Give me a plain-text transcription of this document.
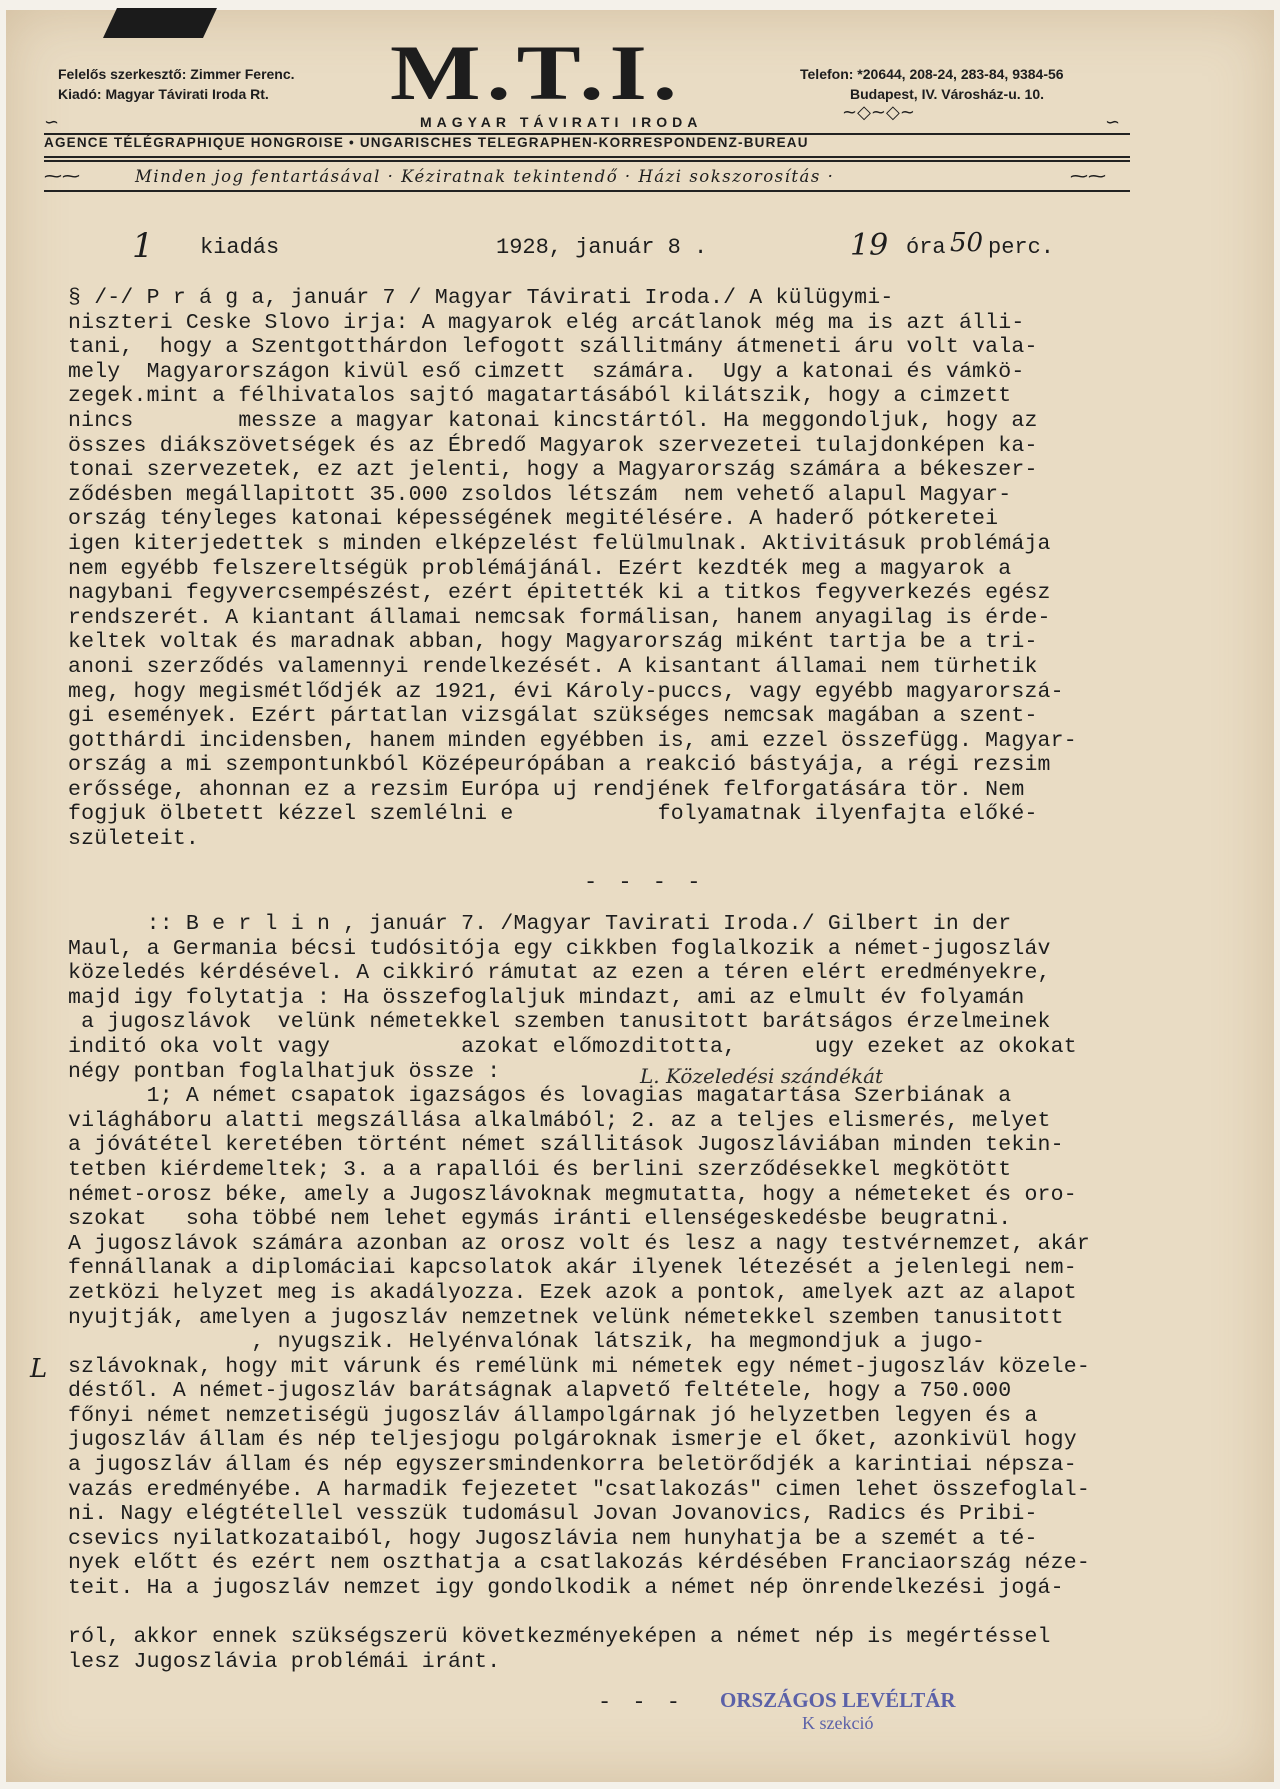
Felelős szerkesztő: Zimmer Ferenc.
Kiadó: Magyar Távirati Iroda Rt. M.T.I.	Telefon: *20644, 208-24, 283-84, 9384-56
Budapest, IV. Városház-u. 10.
~◇~◇~
∽	∽
MAGYAR TÁVIRATI IRODA
AGENCE TÉLÉGRAPHIQUE HONGROISE • UNGARISCHES TELEGRAPHEN-KORRESPONDENZ-BUREAU
⁓⁓	Minden jog fentartásával · Kéziratnak tekintendő · Házi sokszorosítás ·	⁓⁓
1 kiadás	1928, január 8 .	19 óra 50 perc.
§ /-/ P r á g a, január 7 / Magyar Távirati Iroda./ A külügymi-
niszteri Ceske Slovo irja: A magyarok elég arcátlanok még ma is azt álli-
tani,  hogy a Szentgotthárdon lefogott szállitmány átmeneti áru volt vala-
mely  Magyarországon kivül eső cimzett  számára.  Ugy a katonai és vámkö-
zegek.mint a félhivatalos sajtó magatartásából kilátszik, hogy a cimzett
nincs        messze a magyar katonai kincstártól. Ha meggondoljuk, hogy az
összes diákszövetségek és az Ébredő Magyarok szervezetei tulajdonképen ka-
tonai szervezetek, ez azt jelenti, hogy a Magyarország számára a békeszer-
ződésben megállapitott 35.000 zsoldos létszám  nem vehető alapul Magyar-
ország tényleges katonai képességének megitélésére. A haderő pótkeretei
igen kiterjedettek s minden elképzelést felülmulnak. Aktivitásuk problémája
nem egyébb felszereltségük problémájánál. Ezért kezdték meg a magyarok a
nagybani fegyvercsempészést, ezért épitették ki a titkos fegyverkezés egész
rendszerét. A kiantant államai nemcsak formálisan, hanem anyagilag is érde-
keltek voltak és maradnak abban, hogy Magyarország miként tartja be a tri-
anoni szerződés valamennyi rendelkezését. A kisantant államai nem türhetik
meg, hogy megismétlődjék az 1921, évi Károly-puccs, vagy egyébb magyarorszá-
gi események. Ezért pártatlan vizsgálat szükséges nemcsak magában a szent-
gotthárdi incidensben, hanem minden egyébben is, ami ezzel összefügg. Magyar-
ország a mi szempontunkból Középeurópában a reakció bástyája, a régi rezsim
erőssége, ahonnan ez a rezsim Európa uj rendjének felforgatására tör. Nem
fogjuk ölbetett kézzel szemlélni e           folyamatnak ilyenfajta előké-
születeit.
- - - -
:: B e r l i n , január 7. /Magyar Tavirati Iroda./ Gilbert in der
Maul, a Germania bécsi tudósitója egy cikkben foglalkozik a német-jugoszláv
közeledés kérdésével. A cikkiró rámutat az ezen a téren elért eredményekre,
majd igy folytatja : Ha összefoglaljuk mindazt, ami az elmult év folyamán
a jugoszlávok  velünk németekkel szemben tanusitott barátságos érzelmeinek
inditó oka volt vagy          azokat előmozditotta,      ugy ezeket az okokat
négy pontban foglalhatjuk össze :
1; A német csapatok igazságos és lovagias magatartása Szerbiának a
világháboru alatti megszállása alkalmából; 2. az a teljes elismerés, melyet
a jóvátétel keretében történt német szállitások Jugoszláviában minden tekin-
tetben kiérdemeltek; 3. a a rapallói és berlini szerződésekkel megkötött
német-orosz béke, amely a Jugoszlávoknak megmutatta, hogy a németeket és oro-
szokat   soha többé nem lehet egymás iránti ellenségeskedésbe beugratni.
A jugoszlávok számára azonban az orosz volt és lesz a nagy testvérnemzet, akár
fennállanak a diplomáciai kapcsolatok akár ilyenek létezését a jelenlegi nem-
zetközi helyzet meg is akadályozza. Ezek azok a pontok, amelyek azt az alapot
nyujtják, amelyen a jugoszláv nemzetnek velünk németekkel szemben tanusitott
, nyugszik. Helyénvalónak látszik, ha megmondjuk a jugo-
szlávoknak, hogy mit várunk és remélünk mi németek egy német-jugoszláv közele-
déstől. A német-jugoszláv barátságnak alapvető feltétele, hogy a 750.000
főnyi német nemzetiségü jugoszláv állampolgárnak jó helyzetben legyen és a
jugoszláv állam és nép teljesjogu polgároknak ismerje el őket, azonkivül hogy
a jugoszláv állam és nép egyszersmindenkorra beletörődjék a karintiai népsza-
vazás eredményébe. A harmadik fejezetet "csatlakozás" cimen lehet összefoglal-
ni. Nagy elégtétellel vesszük tudomásul Jovan Jovanovics, Radics és Pribi-
csevics nyilatkozataiból, hogy Jugoszlávia nem hunyhatja be a szemét a té-
nyek előtt és ezért nem oszthatja a csatlakozás kérdésében Franciaország néze-
teit. Ha a jugoszláv nemzet igy gondolkodik a német nép önrendelkezési jogá-
ról, akkor ennek szükségszerü következményeképen a német nép is megértéssel
lesz Jugoszlávia problémái iránt.
L. Közeledési szándékát
L
- - - ORSZÁGOS LEVÉLTÁR
K szekció
